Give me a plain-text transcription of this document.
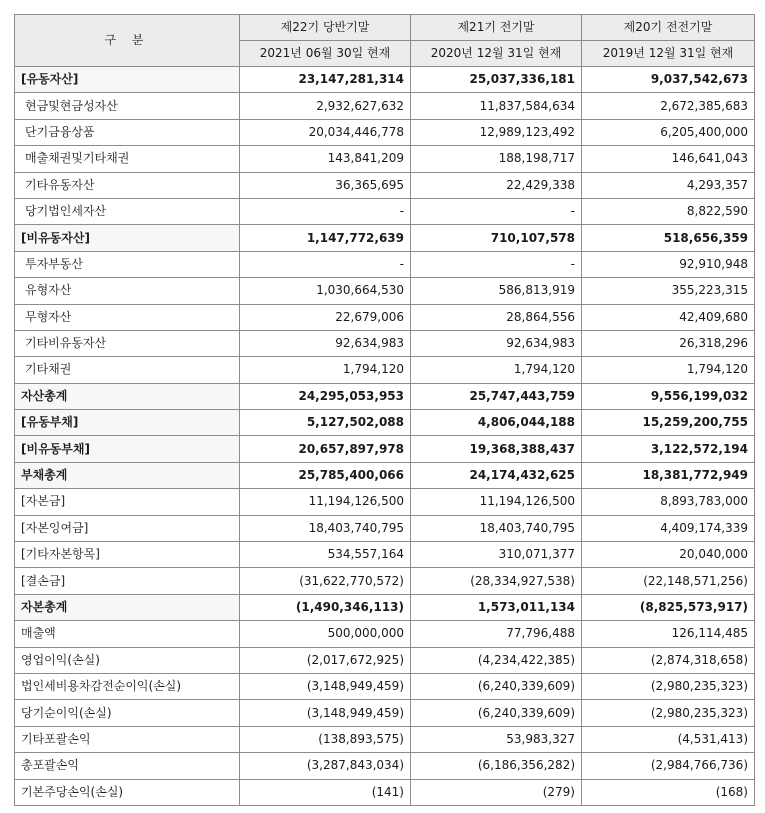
구 분	제22기 당반기말	제21기 전기말	제20기 전전기말
	2021년 06월 30일 현재	2020년 12월 31일 현재	2019년 12월 31일 현재
[유동자산]	23,147,281,314	25,037,336,181	9,037,542,673
현금및현금성자산	2,932,627,632	11,837,584,634	2,672,385,683
단기금융상품	20,034,446,778	12,989,123,492	6,205,400,000
매출채권및기타채권	143,841,209	188,198,717	146,641,043
기타유동자산	36,365,695	22,429,338	4,293,357
당기법인세자산	-	-	8,822,590
[비유동자산]	1,147,772,639	710,107,578	518,656,359
투자부동산	-	-	92,910,948
유형자산	1,030,664,530	586,813,919	355,223,315
무형자산	22,679,006	28,864,556	42,409,680
기타비유동자산	92,634,983	92,634,983	26,318,296
기타채권	1,794,120	1,794,120	1,794,120
자산총계	24,295,053,953	25,747,443,759	9,556,199,032
[유동부채]	5,127,502,088	4,806,044,188	15,259,200,755
[비유동부채]	20,657,897,978	19,368,388,437	3,122,572,194
부채총계	25,785,400,066	24,174,432,625	18,381,772,949
[자본금]	11,194,126,500	11,194,126,500	8,893,783,000
[자본잉여금]	18,403,740,795	18,403,740,795	4,409,174,339
[기타자본항목]	534,557,164	310,071,377	20,040,000
[결손금]	(31,622,770,572)	(28,334,927,538)	(22,148,571,256)
자본총계	(1,490,346,113)	1,573,011,134	(8,825,573,917)
매출액	500,000,000	77,796,488	126,114,485
영업이익(손실)	(2,017,672,925)	(4,234,422,385)	(2,874,318,658)
법인세비용차감전순이익(손실)	(3,148,949,459)	(6,240,339,609)	(2,980,235,323)
당기순이익(손실)	(3,148,949,459)	(6,240,339,609)	(2,980,235,323)
기타포괄손익	(138,893,575)	53,983,327	(4,531,413)
총포괄손익	(3,287,843,034)	(6,186,356,282)	(2,984,766,736)
기본주당손익(손실)	(141)	(279)	(168)
